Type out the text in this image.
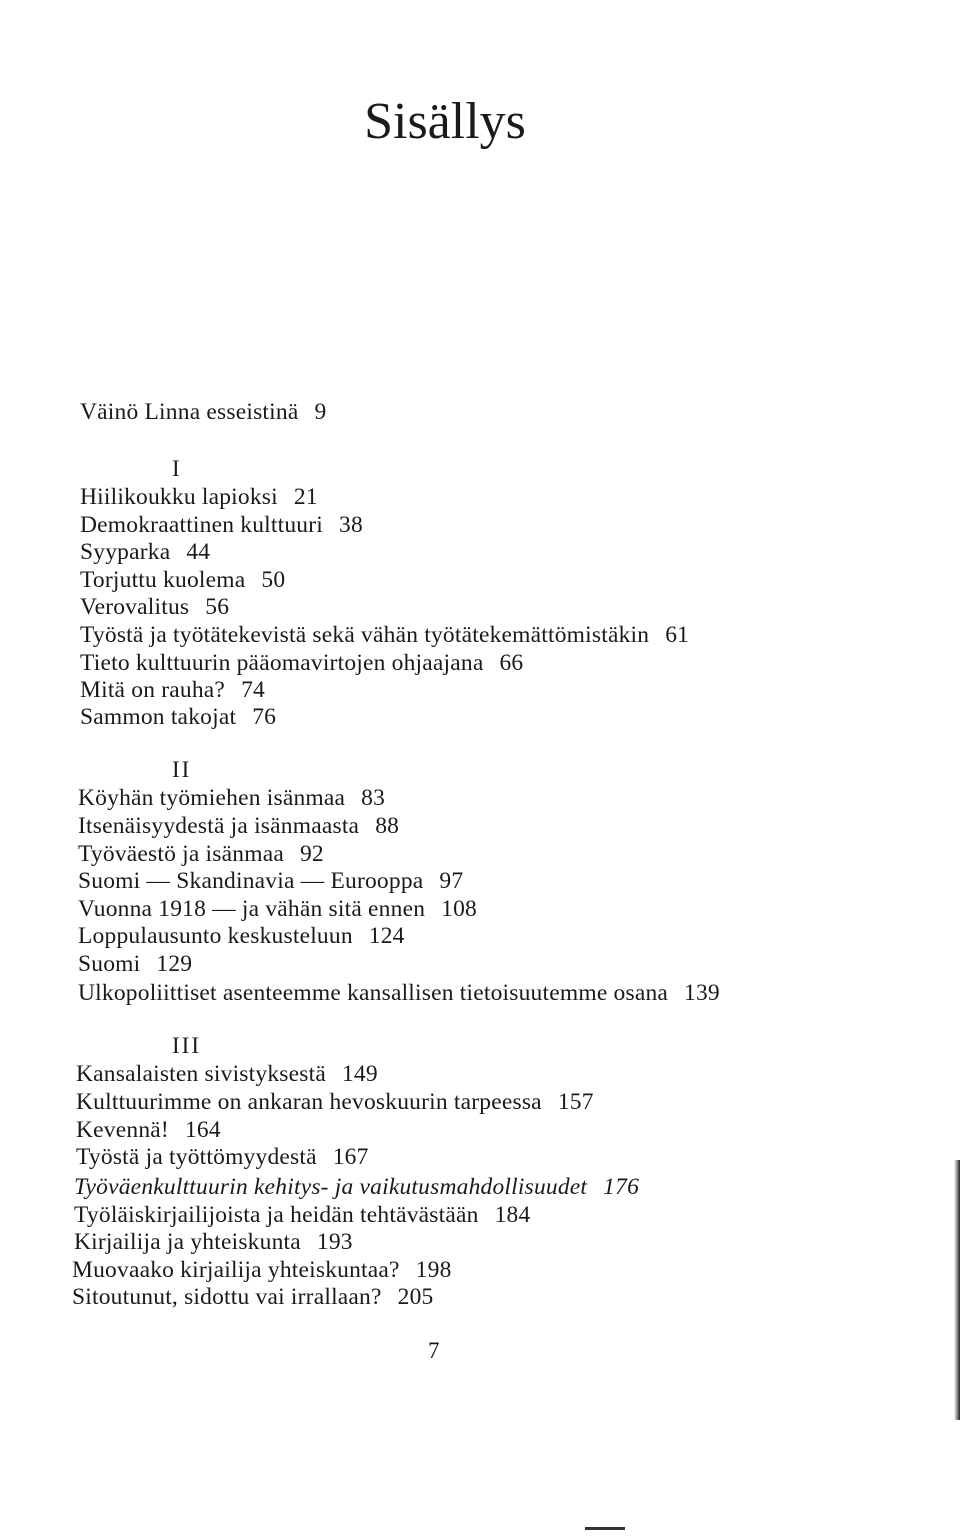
Sisällys
Väinö Linna esseistinä 9
I
Hiilikoukku lapioksi 21
Demokraattinen kulttuuri 38
Syyparka 44
Torjuttu kuolema 50
Verovalitus 56
Työstä ja työtätekevistä sekä vähän työtätekemättömistäkin 61
Tieto kulttuurin pääomavirtojen ohjaajana 66
Mitä on rauha? 74
Sammon takojat 76
II
Köyhän työmiehen isänmaa 83
Itsenäisyydestä ja isänmaasta 88
Työväestö ja isänmaa 92
Suomi — Skandinavia — Eurooppa 97
Vuonna 1918 — ja vähän sitä ennen 108
Loppulausunto keskusteluun 124
Suomi 129
Ulkopoliittiset asenteemme kansallisen tietoisuutemme osana 139
III
Kansalaisten sivistyksestä 149
Kulttuurimme on ankaran hevoskuurin tarpeessa 157
Kevennä! 164
Työstä ja työttömyydestä 167
Työväenkulttuurin kehitys- ja vaikutusmahdollisuudet 176
Työläiskirjailijoista ja heidän tehtävästään 184
Kirjailija ja yhteiskunta 193
Muovaako kirjailija yhteiskuntaa? 198
Sitoutunut, sidottu vai irrallaan? 205
7
